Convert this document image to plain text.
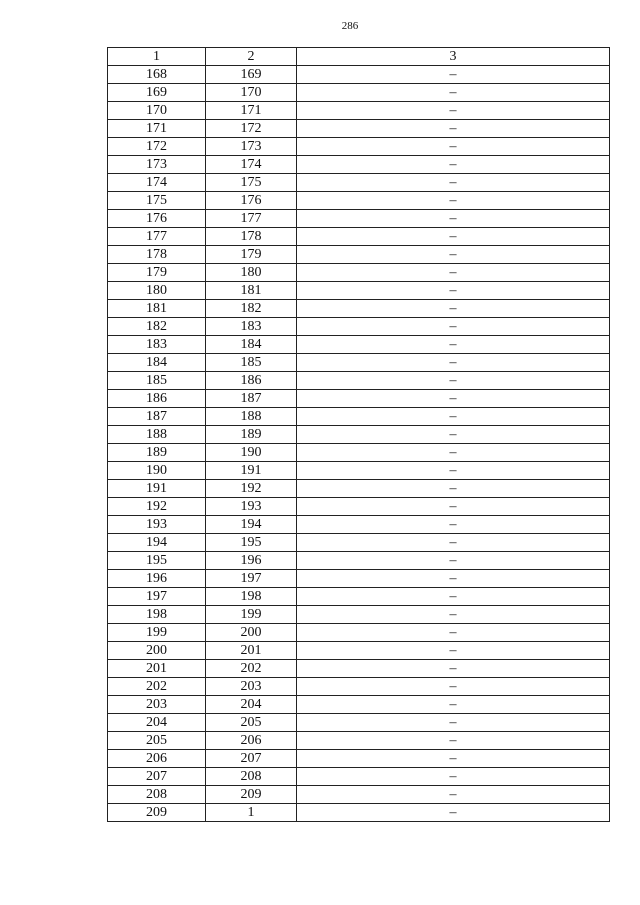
286
1	2	3
168	169	–
169	170	–
170	171	–
171	172	–
172	173	–
173	174	–
174	175	–
175	176	–
176	177	–
177	178	–
178	179	–
179	180	–
180	181	–
181	182	–
182	183	–
183	184	–
184	185	–
185	186	–
186	187	–
187	188	–
188	189	–
189	190	–
190	191	–
191	192	–
192	193	–
193	194	–
194	195	–
195	196	–
196	197	–
197	198	–
198	199	–
199	200	–
200	201	–
201	202	–
202	203	–
203	204	–
204	205	–
205	206	–
206	207	–
207	208	–
208	209	–
209	1	–
